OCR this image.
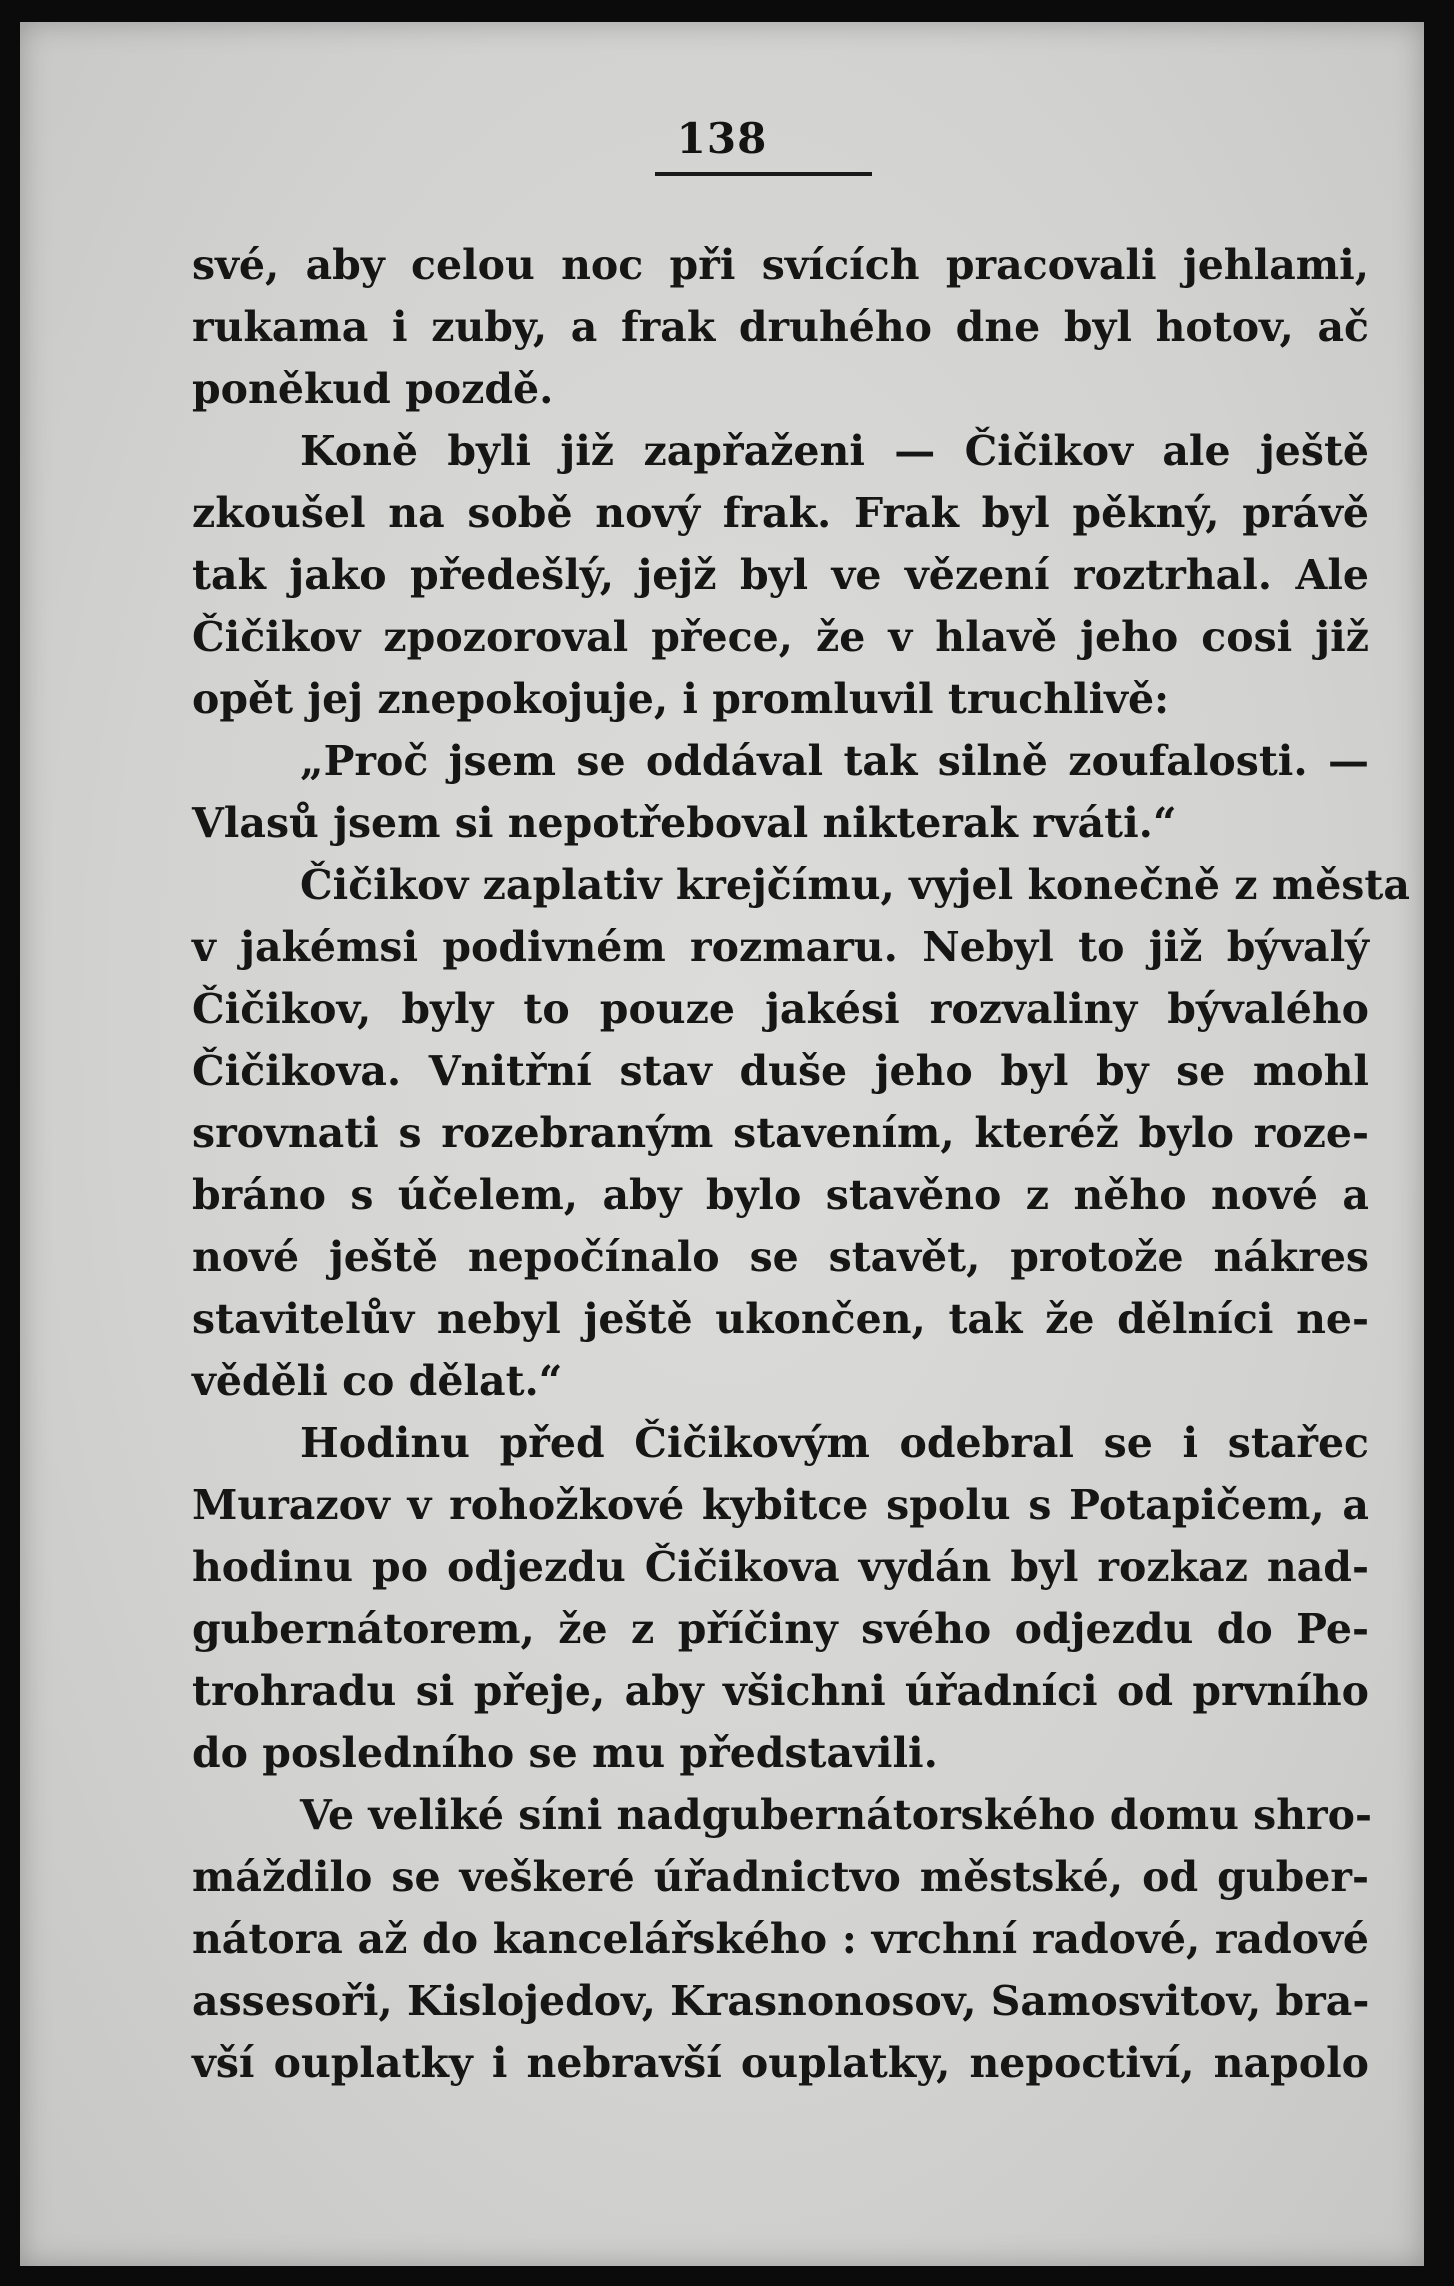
138
své, aby celou noc při svících pracovali jehlami,
rukama i zuby, a frak druhého dne byl hotov, ač
poněkud pozdě.
Koně byli již zapřaženi — Čičikov ale ještě
zkoušel na sobě nový frak. Frak byl pěkný, právě
tak jako předešlý, jejž byl ve vězení roztrhal. Ale
Čičikov zpozoroval přece, že v hlavě jeho cosi již
opět jej znepokojuje, i promluvil truchlivě:
„Proč jsem se oddával tak silně zoufalosti. —
Vlasů jsem si nepotřeboval nikterak rváti.“
Čičikov zaplativ krejčímu, vyjel konečně z města
v jakémsi podivném rozmaru. Nebyl to již bývalý
Čičikov, byly to pouze jakési rozvaliny bývalého
Čičikova. Vnitřní stav duše jeho byl by se mohl
srovnati s rozebraným stavením, kteréž bylo roze-
bráno s účelem, aby bylo stavěno z něho nové a
nové ještě nepočínalo se stavět, protože nákres
stavitelův nebyl ještě ukončen, tak že dělníci ne-
věděli co dělat.“
Hodinu před Čičikovým odebral se i stařec
Murazov v rohožkové kybitce spolu s Potapičem, a
hodinu po odjezdu Čičikova vydán byl rozkaz nad-
gubernátorem, že z příčiny svého odjezdu do Pe-
trohradu si přeje, aby všichni úřadníci od prvního
do posledního se mu představili.
Ve veliké síni nadgubernátorského domu shro-
máždilo se veškeré úřadnictvo městské, od guber-
nátora až do kancelářského : vrchní radové, radové
assesoři, Kislojedov, Krasnonosov, Samosvitov, bra-
vší ouplatky i nebravší ouplatky, nepoctiví, napolo
